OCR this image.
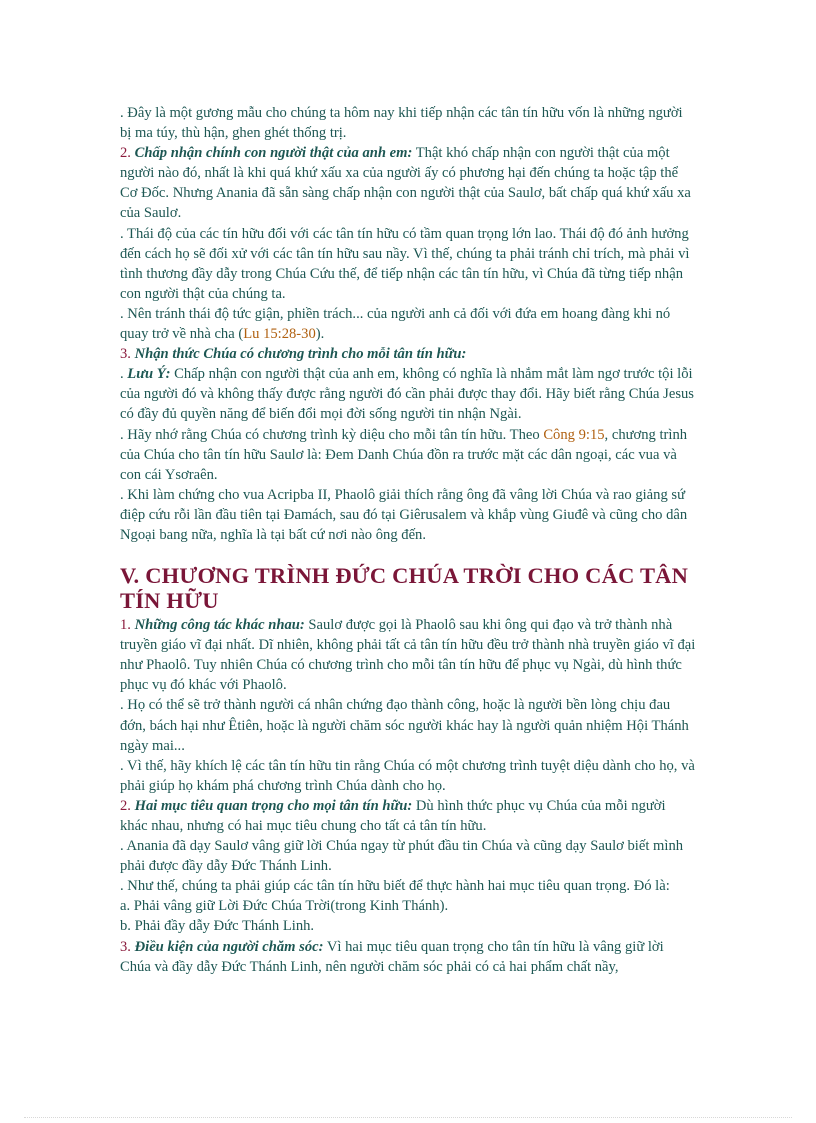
. Đây là một gương mẫu cho chúng ta hôm nay khi tiếp nhận các tân tín hữu vốn là những người bị ma túy, thù hận, ghen ghét thống trị.

2. Chấp nhận chính con người thật của anh em: Thật khó chấp nhận con người thật của một người nào đó, nhất là khi quá khứ xấu xa của người ấy có phương hại đến chúng ta hoặc tập thể Cơ Đốc. Nhưng Anania đã sẵn sàng chấp nhận con người thật của Saulơ, bất chấp quá khứ xấu xa của Saulơ.

. Thái độ của các tín hữu đối với các tân tín hữu có tầm quan trọng lớn lao. Thái độ đó ảnh hưởng đến cách họ sẽ đối xử với các tân tín hữu sau nầy. Vì thế, chúng ta phải tránh chỉ trích, mà phải vì tình thương đầy dẫy trong Chúa Cứu thế, để tiếp nhận các tân tín hữu, vì Chúa đã từng tiếp nhận con người thật của chúng ta.

. Nên tránh thái độ tức giận, phiền trách... của người anh cả đối với đứa em hoang đàng khi nó quay trở về nhà cha (Lu 15:28-30).

3. Nhận thức Chúa có chương trình cho mỗi tân tín hữu:

. Lưu Ý: Chấp nhận con người thật của anh em, không có nghĩa là nhắm mắt làm ngơ trước tội lỗi của người đó và không thấy được rằng người đó cần phải được thay đổi. Hãy biết rằng Chúa Jesus có đầy đủ quyền năng để biến đổi mọi đời sống người tin nhận Ngài.

. Hãy nhớ rằng Chúa có chương trình kỳ diệu cho mỗi tân tín hữu. Theo Công 9:15, chương trình của Chúa cho tân tín hữu Saulơ là: Đem Danh Chúa đồn ra trước mặt các dân ngoại, các vua và con cái Ysơraên.

. Khi làm chứng cho vua Acripba II, Phaolô giải thích rằng ông đã vâng lời Chúa và rao giảng sứ điệp cứu rỗi lần đầu tiên tại Đamách, sau đó tại Giêrusalem và khắp vùng Giuđê và cũng cho dân Ngoại bang nữa, nghĩa là tại bất cứ nơi nào ông đến.

V. CHƯƠNG TRÌNH ĐỨC CHÚA TRỜI CHO CÁC TÂN TÍN HỮU

1. Những công tác khác nhau: Saulơ được gọi là Phaolô sau khi ông qui đạo và trở thành nhà truyền giáo vĩ đại nhất. Dĩ nhiên, không phải tất cả tân tín hữu đều trở thành nhà truyền giáo vĩ đại như Phaolô. Tuy nhiên Chúa có chương trình cho mỗi tân tín hữu để phục vụ Ngài, dù hình thức phục vụ đó khác với Phaolô.

. Họ có thể sẽ trở thành người cá nhân chứng đạo thành công, hoặc là người bền lòng chịu đau đớn, bách hại như Êtiên, hoặc là người chăm sóc người khác hay là người quản nhiệm Hội Thánh ngày mai...

. Vì thế, hãy khích lệ các tân tín hữu tin rằng Chúa có một chương trình tuyệt diệu dành cho họ, và phải giúp họ khám phá chương trình Chúa dành cho họ.

2. Hai mục tiêu quan trọng cho mọi tân tín hữu: Dù hình thức phục vụ Chúa của mỗi người khác nhau, nhưng có hai mục tiêu chung cho tất cả tân tín hữu.

. Anania đã dạy Saulơ vâng giữ lời Chúa ngay từ phút đầu tin Chúa và cũng dạy Saulơ biết mình phải được đầy dẫy Đức Thánh Linh.

. Như thế, chúng ta phải giúp các tân tín hữu biết để thực hành hai mục tiêu quan trọng. Đó là:

a. Phải vâng giữ Lời Đức Chúa Trời(trong Kinh Thánh).

b. Phải đầy dẫy Đức Thánh Linh.

3. Điều kiện của người chăm sóc: Vì hai mục tiêu quan trọng cho tân tín hữu là vâng giữ lời Chúa và đầy dẫy Đức Thánh Linh, nên người chăm sóc phải có cả hai phẩm chất nầy,
